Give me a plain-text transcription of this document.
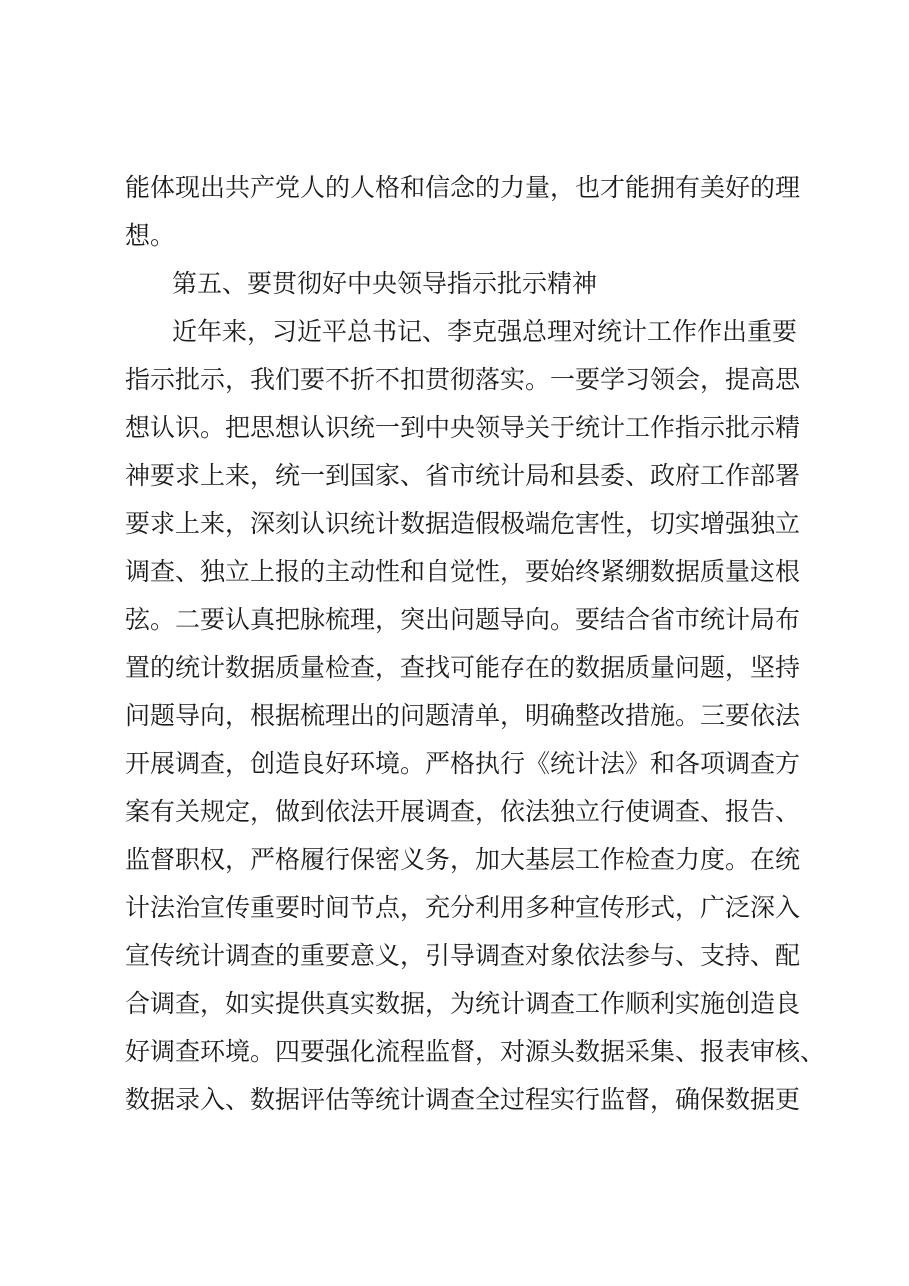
能体现出共产党人的人格和信念的力量，也才能拥有美好的理
想。
第五、要贯彻好中央领导指示批示精神
近年来，习近平总书记、李克强总理对统计工作作出重要
指示批示，我们要不折不扣贯彻落实。一要学习领会，提高思
想认识。把思想认识统一到中央领导关于统计工作指示批示精
神要求上来，统一到国家、省市统计局和县委、政府工作部署
要求上来，深刻认识统计数据造假极端危害性，切实增强独立
调查、独立上报的主动性和自觉性，要始终紧绷数据质量这根
弦。二要认真把脉梳理，突出问题导向。要结合省市统计局布
置的统计数据质量检查，查找可能存在的数据质量问题，坚持
问题导向，根据梳理出的问题清单，明确整改措施。三要依法
开展调查，创造良好环境。严格执行《统计法》和各项调查方
案有关规定，做到依法开展调查，依法独立行使调查、报告、
监督职权，严格履行保密义务，加大基层工作检查力度。在统
计法治宣传重要时间节点，充分利用多种宣传形式，广泛深入
宣传统计调查的重要意义，引导调查对象依法参与、支持、配
合调查，如实提供真实数据，为统计调查工作顺利实施创造良
好调查环境。四要强化流程监督，对源头数据采集、报表审核、
数据录入、数据评估等统计调查全过程实行监督，确保数据更
